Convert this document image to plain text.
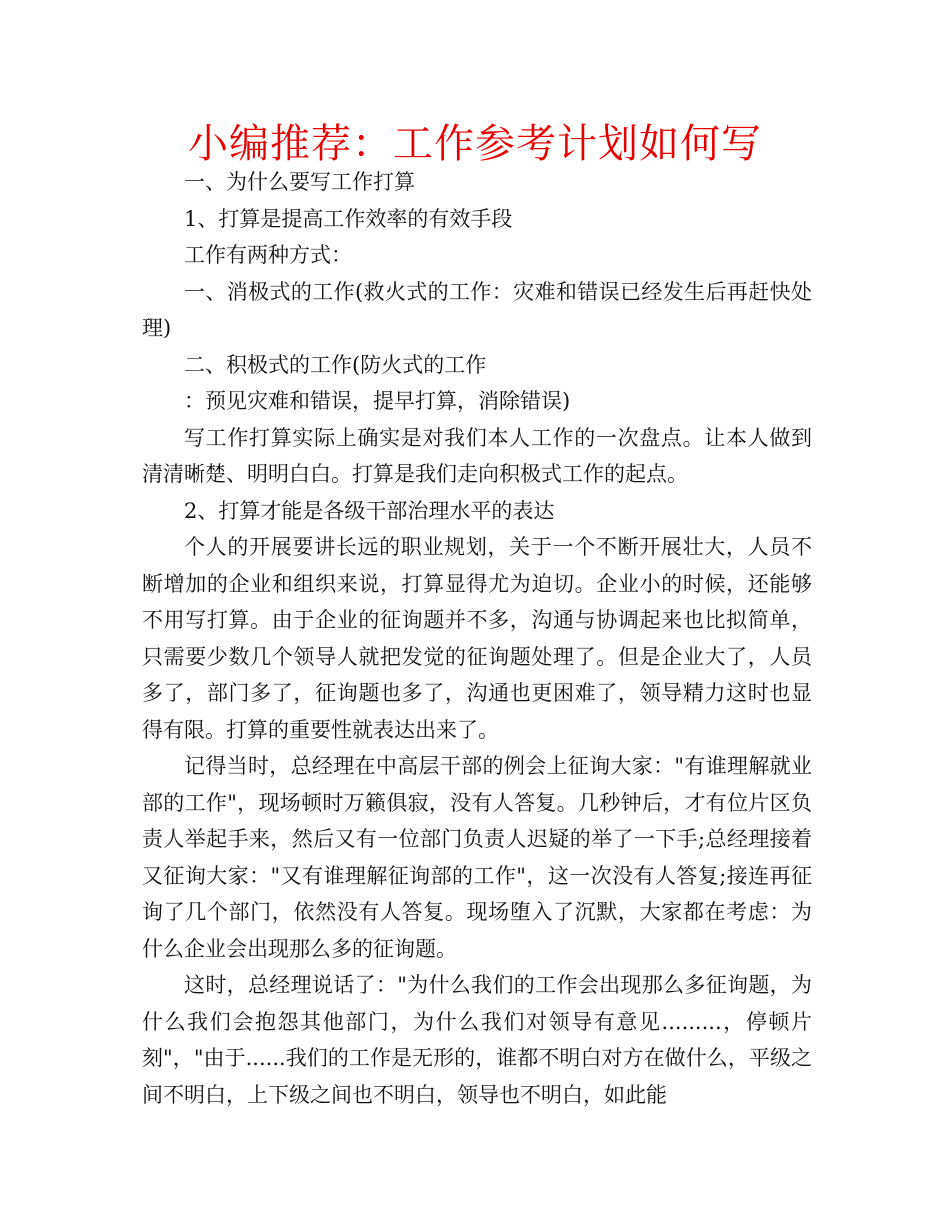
小编推荐：工作参考计划如何写

一、为什么要写工作打算

1、打算是提高工作效率的有效手段

工作有两种方式：

一、消极式的工作(救火式的工作：灾难和错误已经发生后再赶快处理)

二、积极式的工作(防火式的工作

：预见灾难和错误，提早打算，消除错误)

写工作打算实际上确实是对我们本人工作的一次盘点。让本人做到清清晰楚、明明白白。打算是我们走向积极式工作的起点。

2、打算才能是各级干部治理水平的表达

个人的开展要讲长远的职业规划，关于一个不断开展壮大，人员不断增加的企业和组织来说，打算显得尤为迫切。企业小的时候，还能够不用写打算。由于企业的征询题并不多，沟通与协调起来也比拟简单，只需要少数几个领导人就把发觉的征询题处理了。但是企业大了，人员多了，部门多了，征询题也多了，沟通也更困难了，领导精力这时也显得有限。打算的重要性就表达出来了。

记得当时，总经理在中高层干部的例会上征询大家："有谁理解就业部的工作"，现场顿时万籁俱寂，没有人答复。几秒钟后，才有位片区负责人举起手来，然后又有一位部门负责人迟疑的举了一下手;总经理接着又征询大家："又有谁理解征询部的工作"，这一次没有人答复;接连再征询了几个部门，依然没有人答复。现场堕入了沉默，大家都在考虑：为什么企业会出现那么多的征询题。

这时，总经理说话了："为什么我们的工作会出现那么多征询题，为什么我们会抱怨其他部门，为什么我们对领导有意见.........，停顿片刻"，"由于......我们的工作是无形的，谁都不明白对方在做什么，平级之间不明白，上下级之间也不明白，领导也不明白，如此能
